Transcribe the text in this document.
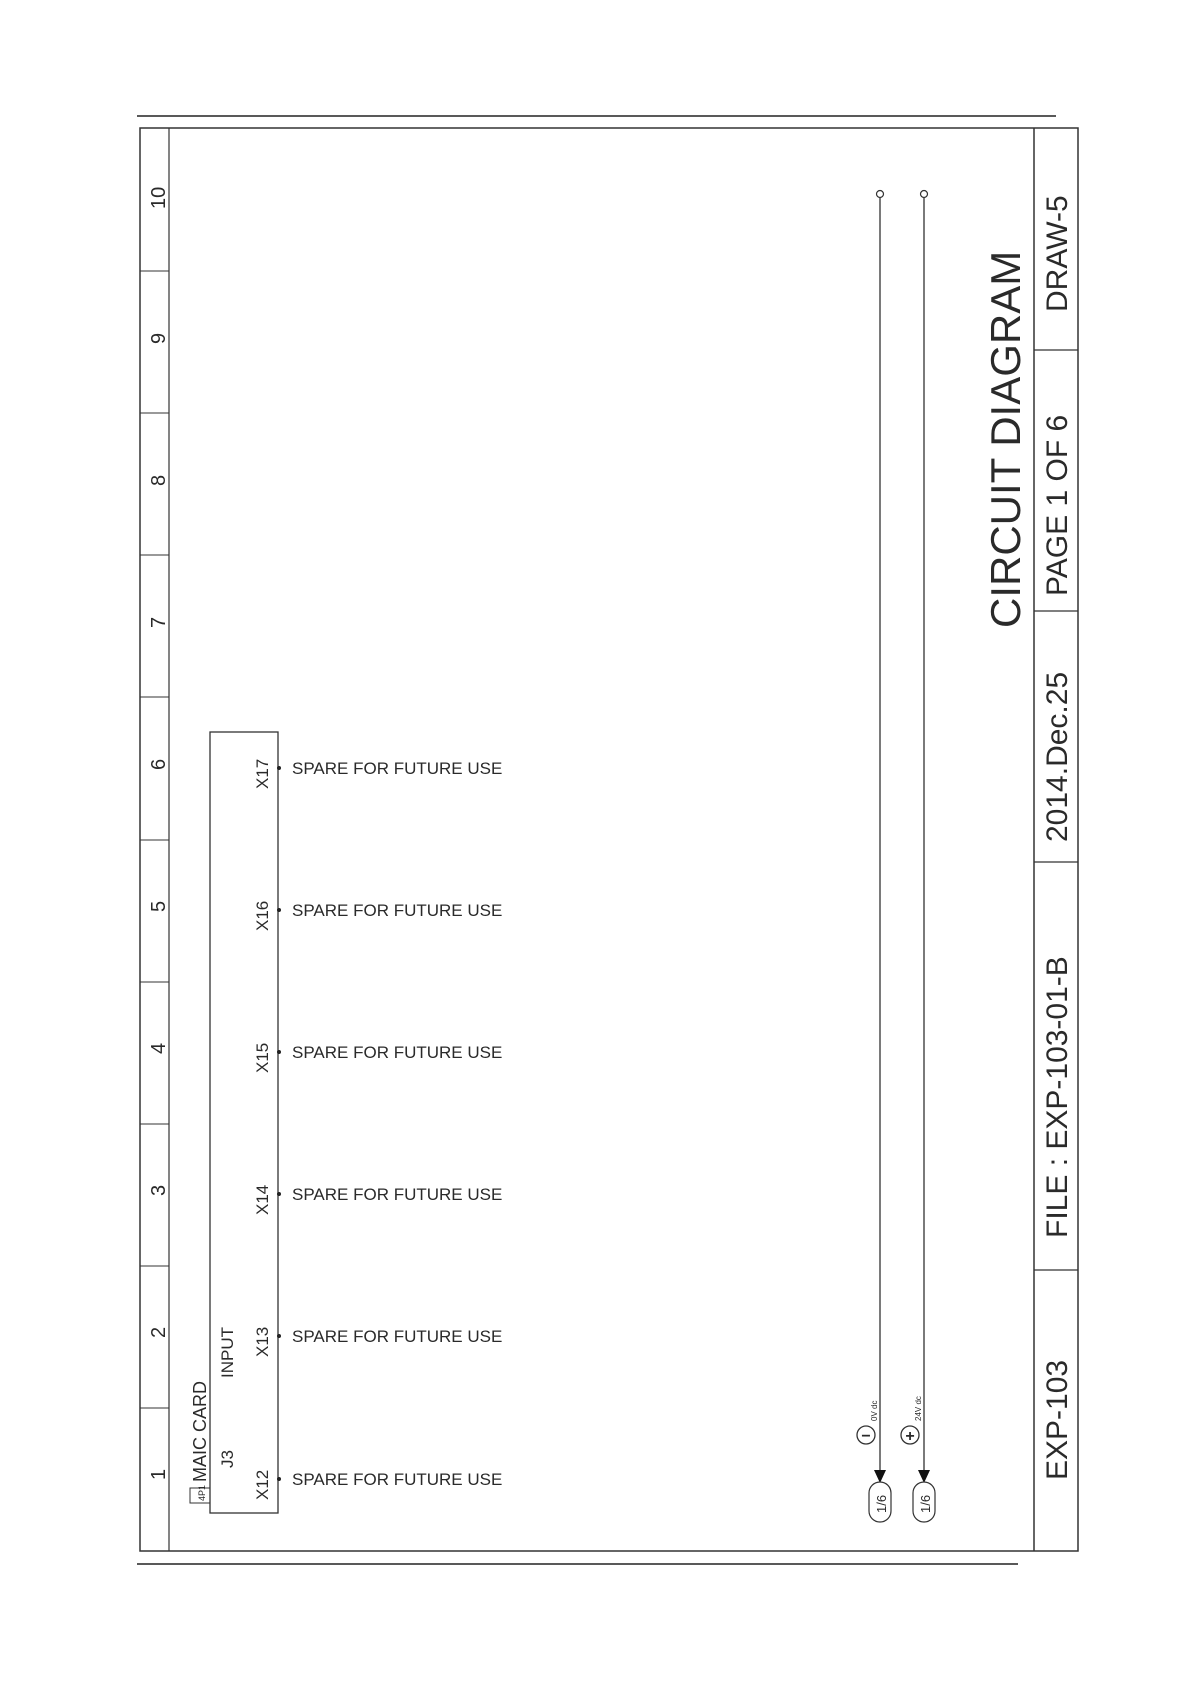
1
2
3
4
5
6
7
8
9
10
4P1
MAIC CARD J3
INPUT
X12 SPARE FOR FUTURE USE
X13 SPARE FOR FUTURE USE
X14 SPARE FOR FUTURE USE
X15 SPARE FOR FUTURE USE
X16 SPARE FOR FUTURE USE
X17 SPARE FOR FUTURE USE
−
0V dc
1/6
+
24V dc
1/6
CIRCUIT DIAGRAM
EXP-103
FILE : EXP-103-01-B
2014.Dec.25
PAGE 1 OF 6
DRAW-5
